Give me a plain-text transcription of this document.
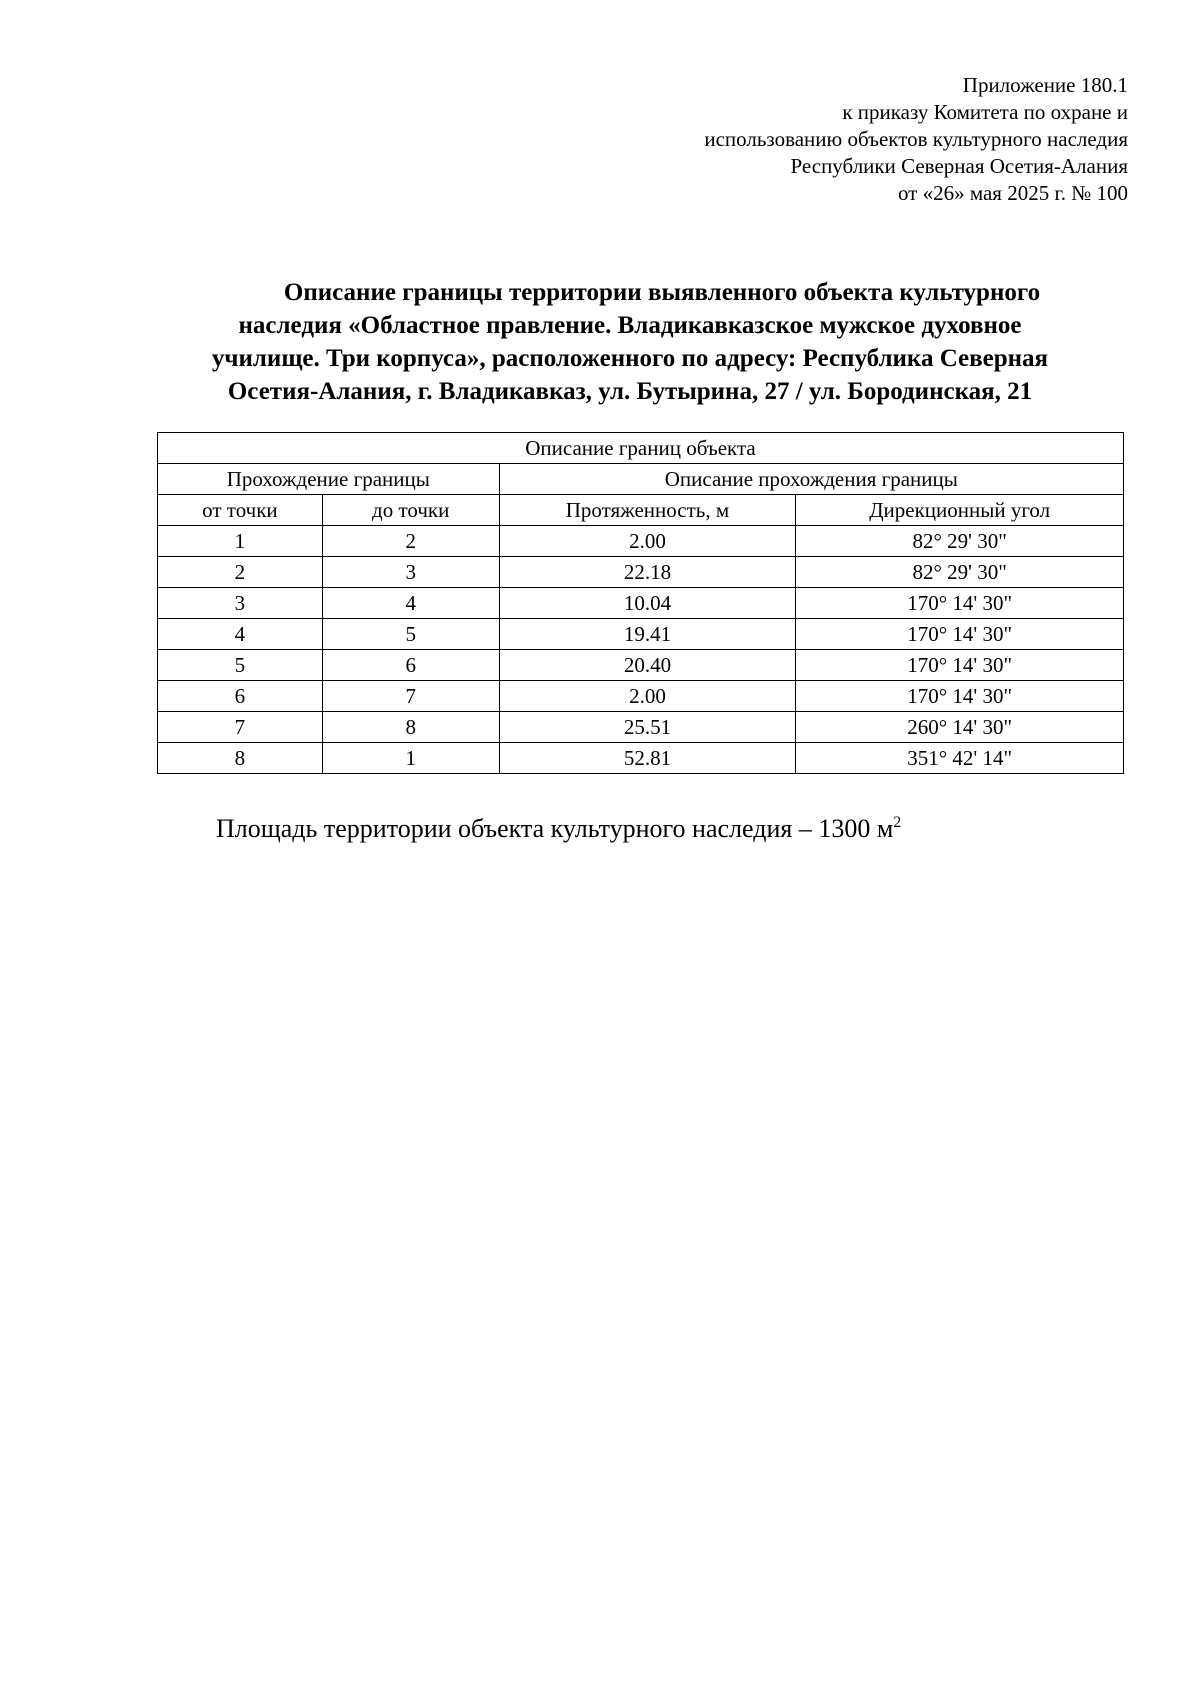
Приложение 180.1
к приказу Комитета по охране и
использованию объектов культурного наследия
Республики Северная Осетия-Алания
от «26» мая 2025 г. № 100
Описание границы территории выявленного объекта культурного
наследия «Областное правление. Владикавказское мужское духовное
училище. Три корпуса», расположенного по адресу: Республика Северная
Осетия-Алания, г. Владикавказ, ул. Бутырина, 27 / ул. Бородинская, 21
Описание границ объекта			
Прохождение границы		Описание прохождения границы	
от точки	до точки	Протяженность, м	Дирекционный угол
1	2	2.00	82° 29' 30"
2	3	22.18	82° 29' 30"
3	4	10.04	170° 14' 30"
4	5	19.41	170° 14' 30"
5	6	20.40	170° 14' 30"
6	7	2.00	170° 14' 30"
7	8	25.51	260° 14' 30"
8	1	52.81	351° 42' 14"
Площадь территории объекта культурного наследия – 1300 $м^2$
